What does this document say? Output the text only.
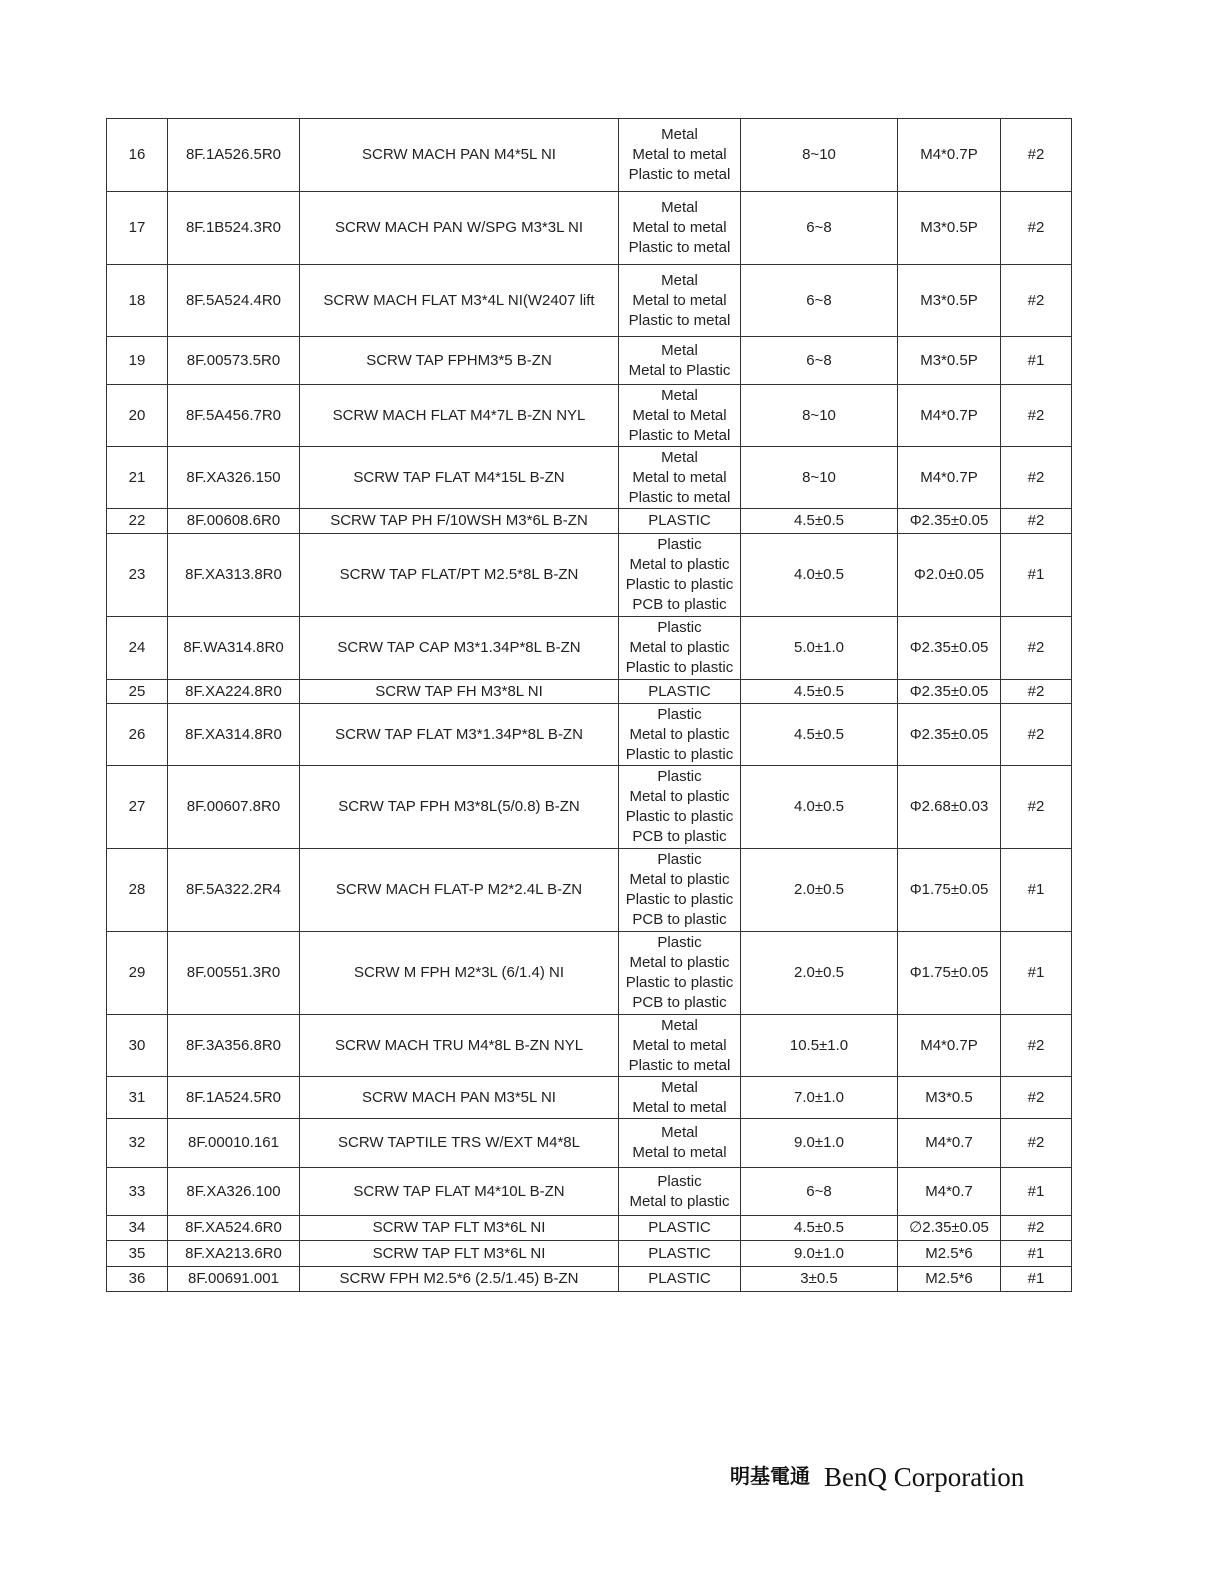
16	8F.1A526.5R0	SCRW MACH PAN M4*5L NI	Metal
Metal to metal
Plastic to metal	8~10	M4*0.7P	#2
17	8F.1B524.3R0	SCRW MACH PAN W/SPG M3*3L NI	Metal
Metal to metal
Plastic to metal	6~8	M3*0.5P	#2
18	8F.5A524.4R0	SCRW MACH FLAT M3*4L NI(W2407 lift	Metal
Metal to metal
Plastic to metal	6~8	M3*0.5P	#2
19	8F.00573.5R0	SCRW TAP FPHM3*5 B-ZN	Metal
Metal to Plastic	6~8	M3*0.5P	#1
20	8F.5A456.7R0	SCRW MACH FLAT M4*7L B-ZN NYL	Metal
Metal to Metal
Plastic to Metal	8~10	M4*0.7P	#2
21	8F.XA326.150	SCRW TAP FLAT M4*15L B-ZN	Metal
Metal to metal
Plastic to metal	8~10	M4*0.7P	#2
22	8F.00608.6R0	SCRW TAP PH F/10WSH M3*6L B-ZN	PLASTIC	4.5±0.5	Φ2.35±0.05	#2
23	8F.XA313.8R0	SCRW TAP FLAT/PT M2.5*8L B-ZN	Plastic
Metal to plastic
Plastic to plastic
PCB to plastic	4.0±0.5	Φ2.0±0.05	#1
24	8F.WA314.8R0	SCRW TAP CAP M3*1.34P*8L B-ZN	Plastic
Metal to plastic
Plastic to plastic	5.0±1.0	Φ2.35±0.05	#2
25	8F.XA224.8R0	SCRW TAP FH M3*8L NI	PLASTIC	4.5±0.5	Φ2.35±0.05	#2
26	8F.XA314.8R0	SCRW TAP FLAT M3*1.34P*8L B-ZN	Plastic
Metal to plastic
Plastic to plastic	4.5±0.5	Φ2.35±0.05	#2
27	8F.00607.8R0	SCRW TAP FPH M3*8L(5/0.8) B-ZN	Plastic
Metal to plastic
Plastic to plastic
PCB to plastic	4.0±0.5	Φ2.68±0.03	#2
28	8F.5A322.2R4	SCRW MACH FLAT-P M2*2.4L B-ZN	Plastic
Metal to plastic
Plastic to plastic
PCB to plastic	2.0±0.5	Φ1.75±0.05	#1
29	8F.00551.3R0	SCRW M FPH M2*3L (6/1.4) NI	Plastic
Metal to plastic
Plastic to plastic
PCB to plastic	2.0±0.5	Φ1.75±0.05	#1
30	8F.3A356.8R0	SCRW MACH TRU M4*8L B-ZN NYL	Metal
Metal to metal
Plastic to metal	10.5±1.0	M4*0.7P	#2
31	8F.1A524.5R0	SCRW MACH PAN M3*5L NI	Metal
Metal to metal	7.0±1.0	M3*0.5	#2
32	8F.00010.161	SCRW TAPTILE TRS W/EXT M4*8L	Metal
Metal to metal	9.0±1.0	M4*0.7	#2
33	8F.XA326.100	SCRW TAP FLAT M4*10L B-ZN	Plastic
Metal to plastic	6~8	M4*0.7	#1
34	8F.XA524.6R0	SCRW TAP FLT M3*6L NI	PLASTIC	4.5±0.5	∅2.35±0.05	#2
35	8F.XA213.6R0	SCRW TAP FLT M3*6L NI	PLASTIC	9.0±1.0	M2.5*6	#1
36	8F.00691.001	SCRW FPH M2.5*6 (2.5/1.45) B-ZN	PLASTIC	3±0.5	M2.5*6	#1
明基電通 BenQ Corporation
